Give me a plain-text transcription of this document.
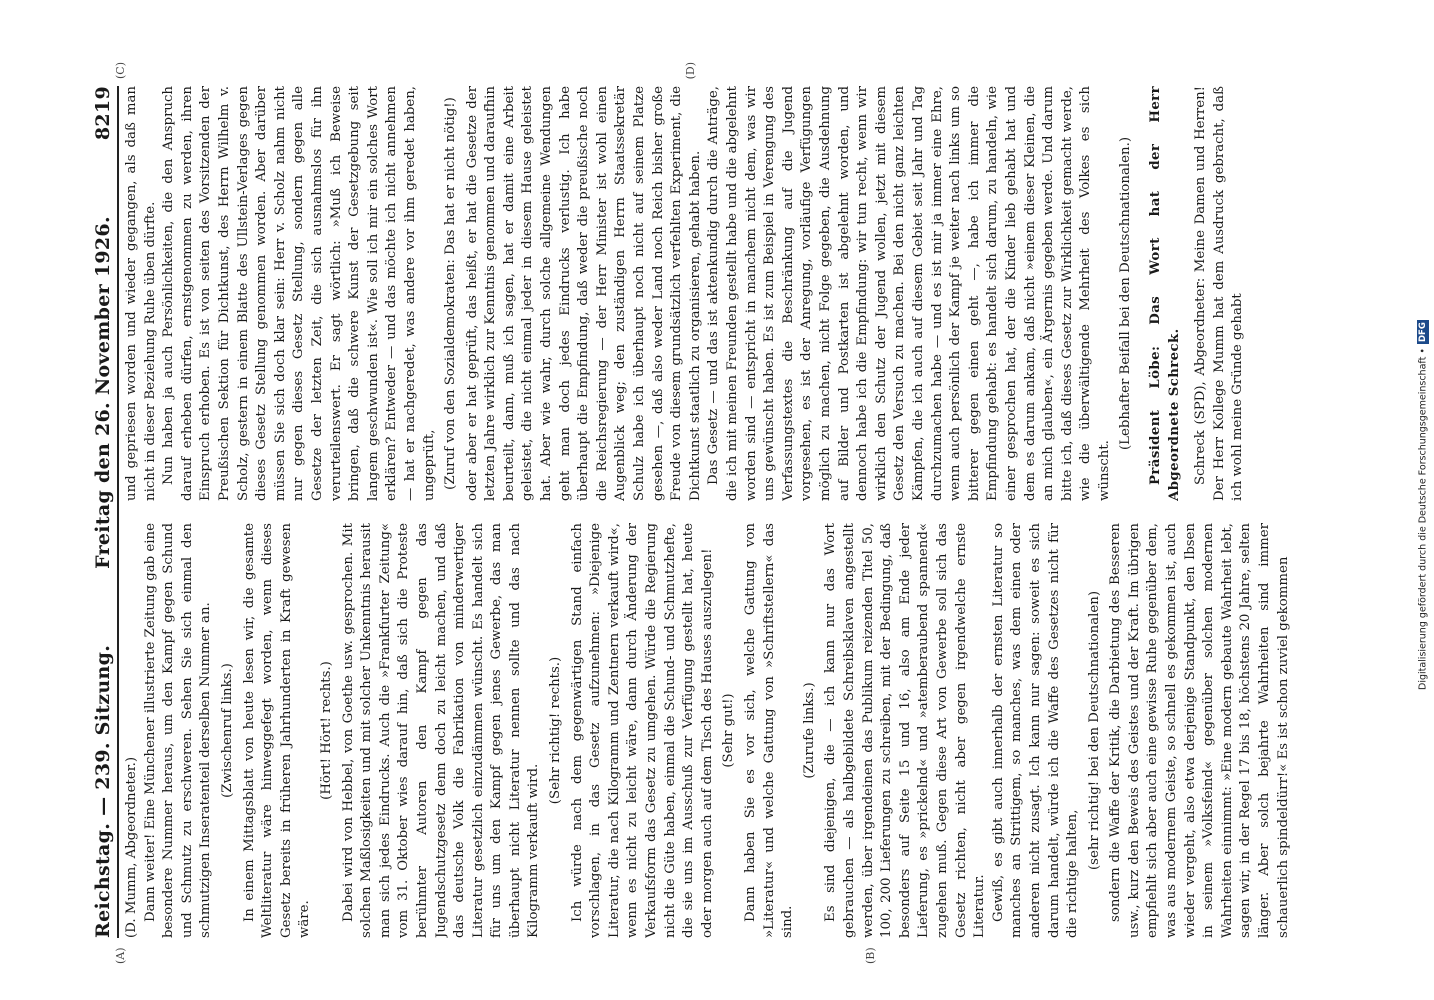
Reichstag. — 239. Sitzung.
Freitag den 26. November 1926.
8219

(D. Mumm, Abgeordneter.) Dann weiter! Eine Münchener illustrierte Zeitung gab eine besondere Nummer heraus, um den Kampf gegen Schund und Schmutz zu erschweren. Sehen Sie sich einmal den schmutzigen Inseratenteil derselben Nummer an. (Zwischenruf links.) In einem Mittagsblatt von heute lesen wir, die gesamte Weltliteratur wäre hinweggefegt worden, wenn dieses Gesetz bereits in früheren Jahrhunderten in Kraft gewesen wäre.

(Hört! Hört! rechts.) Dabei wird von Hebbel, von Goethe usw. gesprochen. Mit solchen Maßlosigkeiten und mit solcher Unkenntnis herausit man sich jedes Eindrucks. Auch die »Frankfurter Zeitung« vom 31. Oktober wies darauf hin, daß sich die Proteste berühmter Autoren den Kampf gegen das Jugendschutzgesetz denn doch zu leicht machen, und daß das deutsche Volk die Fabrikation von minderwertiger Literatur gesetzlich einzudämmen wünscht. Es handelt sich für uns um den Kampf gegen jenes Gewerbe, das man überhaupt nicht Literatur nennen sollte und das nach Kilogramm verkauft wird.

(Sehr richtig! rechts.) Ich würde nach dem gegenwärtigen Stand einfach vorschlagen, in das Gesetz aufzunehmen: »Diejenige Literatur, die nach Kilogramm und Zentnern verkauft wird«, wenn es nicht zu leicht wäre, dann durch Änderung der Verkaufsform das Gesetz zu umgehen. Würde die Regierung nicht die Güte haben, einmal die Schund- und Schmutzhefte, die sie uns im Ausschuß zur Verfügung gestellt hat, heute oder morgen auch auf dem Tisch des Hauses auszulegen! (Sehr gut!) Dann haben Sie es vor sich, welche Gattung von »Literatur« und welche Gattung von »Schriftstellern« das sind.

(Zurufe links.) Es sind diejenigen, die — ich kann nur das Wort gebrauchen — als halbgebildete Schreibsklaven angestellt werden, über irgendeinen das Publikum reizenden Titel 50, 100, 200 Lieferungen zu schreiben, mit der Bedingung, daß besonders auf Seite 15 und 16, also am Ende jeder Lieferung, es »prickelnd« und »atemberaubend spannend« zugehen muß. Gegen diese Art von Gewerbe soll sich das Gesetz richten, nicht aber gegen irgendwelche ernste Literatur. Gewiß, es gibt auch innerhalb der ernsten Literatur so manches an Strittigem, so manches, was dem einen oder anderen nicht zusagt. Ich kann nur sagen: soweit es sich darum handelt, würde ich die Waffe des Gesetzes nicht für die richtige halten,

(sehr richtig! bei den Deutschnationalen) sondern die Waffe der Kritik, die Darbietung des Besseren usw., kurz den Beweis des Geistes und der Kraft. Im übrigen empfiehlt sich aber auch eine gewisse Ruhe gegenüber dem, was aus modernem Geiste, so schnell es gekommen ist, auch wieder vergeht, also etwa derjenige Standpunkt, den Ibsen in seinem »Volksfeind« gegenüber solchen modernen Wahrheiten einnimmt: »Eine modern gebaute Wahrheit lebt, sagen wir, in der Regel 17 bis 18, höchstens 20 Jahre, selten länger. Aber solch bejahrte Wahrheiten sind immer schauerlich spindeldürr!« Es ist schon zuviel gekommen

und gepriesen worden und wieder gegangen, als daß man nicht in dieser Beziehung Ruhe üben dürfte. Nun haben ja auch Persönlichkeiten, die den Anspruch darauf erheben dürfen, ernstgenommen zu werden, ihren Einspruch erhoben. Es ist von seiten des Vorsitzenden der Preußischen Sektion für Dichtkunst, des Herrn Wilhelm v. Scholz, gestern in einem Blatte des Ullstein-Verlages gegen dieses Gesetz Stellung genommen worden. Aber darüber müssen Sie sich doch klar sein: Herr v. Scholz nahm nicht nur gegen dieses Gesetz Stellung, sondern gegen alle Gesetze der letzten Zeit, die sich ausnahmslos für ihn verurteilenswert. Er sagt wörtlich: »Muß ich Beweise bringen, daß die schwere Kunst der Gesetzgebung seit langem geschwunden ist«. Wie soll ich mir ein solches Wort erklären? Entweder — und das möchte ich nicht annehmen — hat er nachgeredet, was andere vor ihm geredet haben, ungeprüft, (Zuruf von den Sozialdemokraten: Das hat er nicht nötig!) oder aber er hat geprüft, das heißt, er hat die Gesetze der letzten Jahre wirklich zur Kenntnis genommen und daraufhin beurteilt, dann, muß ich sagen, hat er damit eine Arbeit geleistet, die nicht einmal jeder in diesem Hause geleistet hat. Aber wie wahr, durch solche allgemeine Wendungen geht man doch jedes Eindrucks verlustig. Ich habe überhaupt die Empfindung, daß weder die preußische noch die Reichsregierung — der Herr Minister ist wohl einen Augenblick weg; den zuständigen Herrn Staatssekretär Schulz habe ich überhaupt noch nicht auf seinem Platze gesehen —, daß also weder Land noch Reich bisher große Freude von diesem grundsätzlich verfehlten Experiment, die Dichtkunst staatlich zu organisieren, gehabt haben. Das Gesetz — und das ist aktenkundig durch die Anträge, die ich mit meinen Freunden gestellt habe und die abgelehnt worden sind — entspricht in manchem nicht dem, was wir uns gewünscht haben. Es ist zum Beispiel in Verengung des Verfassungstextes die Beschränkung auf die Jugend vorgesehen, es ist der Anregung, vorläufige Verfügungen möglich zu machen, nicht Folge gegeben, die Ausdehnung auf Bilder und Postkarten ist abgelehnt worden, und dennoch habe ich die Empfindung: wir tun recht, wenn wir wirklich den Schutz der Jugend wollen, jetzt mit diesem Gesetz den Versuch zu machen. Bei den nicht ganz leichten Kämpfen, die ich auch auf diesem Gebiet seit Jahr und Tag durchzumachen habe — und es ist mir ja immer eine Ehre, wenn auch persönlich der Kampf je weiter nach links um so bitterer gegen einen geht —, habe ich immer die Empfindung gehabt: es handelt sich darum, zu handeln, wie einer gesprochen hat, der die Kinder lieb gehabt hat und dem es darum ankam, daß nicht »einem dieser Kleinen, die an mich glauben«, ein Ärgernis gegeben werde. Und darum bitte ich, daß dieses Gesetz zur Wirklichkeit gemacht werde, wie die überwältigende Mehrheit des Volkes es sich wünscht.

(Lebhafter Beifall bei den Deutschnationalen.) Präsident Löbe: Das Wort hat der Herr Abgeordnete Schreck. Schreck (SPD), Abgeordneter: Meine Damen und Herren! Der Herr Kollege Mumm hat dem Ausdruck gebracht, daß ich wohl meine Gründe gehabt

(A)	(B)
(C)	(D)
Digitalisierung gefördert durch die Deutsche Forschungsgemeinschaft •
DFG
